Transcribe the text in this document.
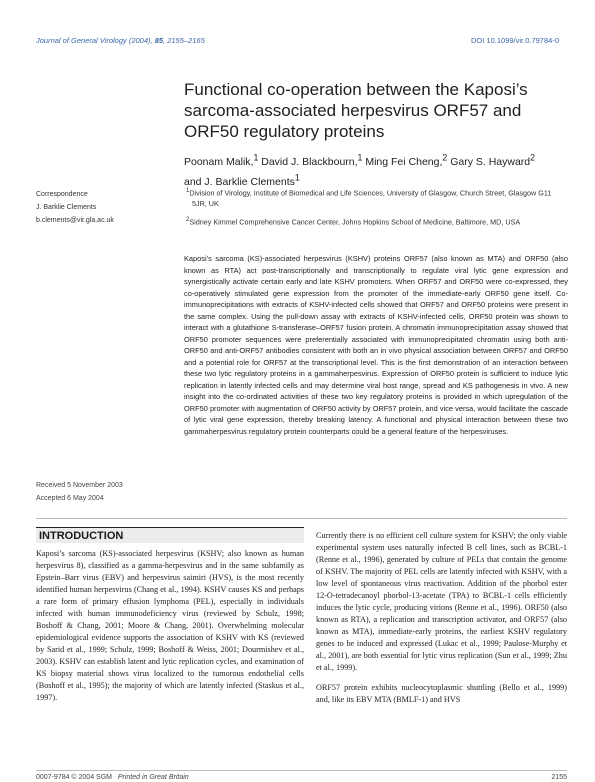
Journal of General Virology (2004), 85, 2155–2165	DOI 10.1099/vir.0.79784-0
Functional co-operation between the Kaposi’s sarcoma-associated herpesvirus ORF57 and ORF50 regulatory proteins
Poonam Malik,$^1$ David J. Blackbourn,$^1$ Ming Fei Cheng,$^2$ Gary S. Hayward$^2$
and J. Barklie Clements$^1$
Correspondence
J. Barklie Clements
b.clements@vir.gla.ac.uk

$^1$Division of Virology, Institute of Biomedical and Life Sciences, University of Glasgow, Church Street, Glasgow G11 5JR, UK

$^2$Sidney Kimmel Comprehensive Cancer Center, Johns Hopkins School of Medicine, Baltimore, MD, USA

Kaposi’s sarcoma (KS)-associated herpesvirus (KSHV) proteins ORF57 (also known as MTA) and ORF50 (also known as RTA) act post-transcriptionally and transcriptionally to regulate viral lytic gene expression and synergistically activate certain early and late KSHV promoters. When ORF57 and ORF50 were co-expressed, they co-operatively stimulated gene expression from the promoter of the immediate-early ORF50 gene itself. Co-immunoprecipitations with extracts of KSHV-infected cells showed that ORF57 and ORF50 proteins were present in the same complex. Using the pull-down assay with extracts of KSHV-infected cells, ORF50 protein was shown to interact with a glutathione S-transferase–ORF57 fusion protein. A chromatin immunoprecipitation assay showed that ORF50 promoter sequences were preferentially associated with immunoprecipitated chromatin using both anti-ORF50 and anti-ORF57 antibodies consistent with both an in vivo physical association between ORF57 and ORF50 and a potential role for ORF57 at the transcriptional level. This is the first demonstration of an interaction between these two lytic regulatory proteins in a gammaherpesvirus. Expression of ORF50 protein is sufficient to induce lytic replication in latently infected cells and may determine viral host range, spread and KS pathogenesis in vivo. A new insight into the co-ordinated activities of these two key regulatory proteins is provided in which upregulation of the ORF50 promoter with augmentation of ORF50 activity by ORF57 protein, and vice versa, would facilitate the cascade of lytic viral gene expression, thereby breaking latency. A functional and physical interaction between these two gammaherpesvirus regulatory protein counterparts could be a general feature of the herpesviruses.
Received 5 November 2003
Accepted 6 May 2004
INTRODUCTION

Kaposi’s sarcoma (KS)-associated herpesvirus (KSHV; also known as human herpesvirus 8), classified as a gamma-herpesvirus and in the same subfamily as Epstein–Barr virus (EBV) and herpesvirus saimiri (HVS), is the most recently identified human herpesvirus (Chang et al., 1994). KSHV causes KS and perhaps a rare form of primary effusion lymphoma (PEL), especially in individuals infected with human immunodeficiency virus (reviewed by Schulz, 1998; Boshoff & Chang, 2001; Moore & Chang, 2001). Overwhelming molecular epidemiological evidence supports the association of KSHV with KS (reviewed by Sarid et al., 1999; Schulz, 1999; Boshoff & Weiss, 2001; Dourmishev et al., 2003). KSHV can establish latent and lytic replication cycles, and examination of KS biopsy material shows virus localized to the tumorous endothelial cells (Boshoff et al., 1995); the majority of which are latently infected (Staskus et al., 1997).

Currently there is no efficient cell culture system for KSHV; the only viable experimental system uses naturally infected B cell lines, such as BCBL-1 (Renne et al., 1996), generated by culture of PELs that contain the genome of KSHV. The majority of PEL cells are latently infected with KSHV, with a low level of spontaneous virus reactivation. Addition of the phorbol ester 12-O-tetradecanoyl phorbol-13-acetate (TPA) to BCBL-1 cells efficiently induces the lytic cycle, producing virions (Renne et al., 1996). ORF50 (also known as RTA), a replication and transcription activator, and ORF57 (also known as MTA), immediate-early proteins, the earliest KSHV regulatory genes to be induced and expressed (Lukac et al., 1999; Paulose-Murphy et al., 2001), are both essential for lytic virus replication (Sun et al., 1999; Zhu et al., 1999).

ORF57 protein exhibits nucleocytoplasmic shuttling (Bello et al., 1999) and, like its EBV MTA (BMLF-1) and HVS

0007-9784 © 2004 SGM Printed in Great Britain	2155
